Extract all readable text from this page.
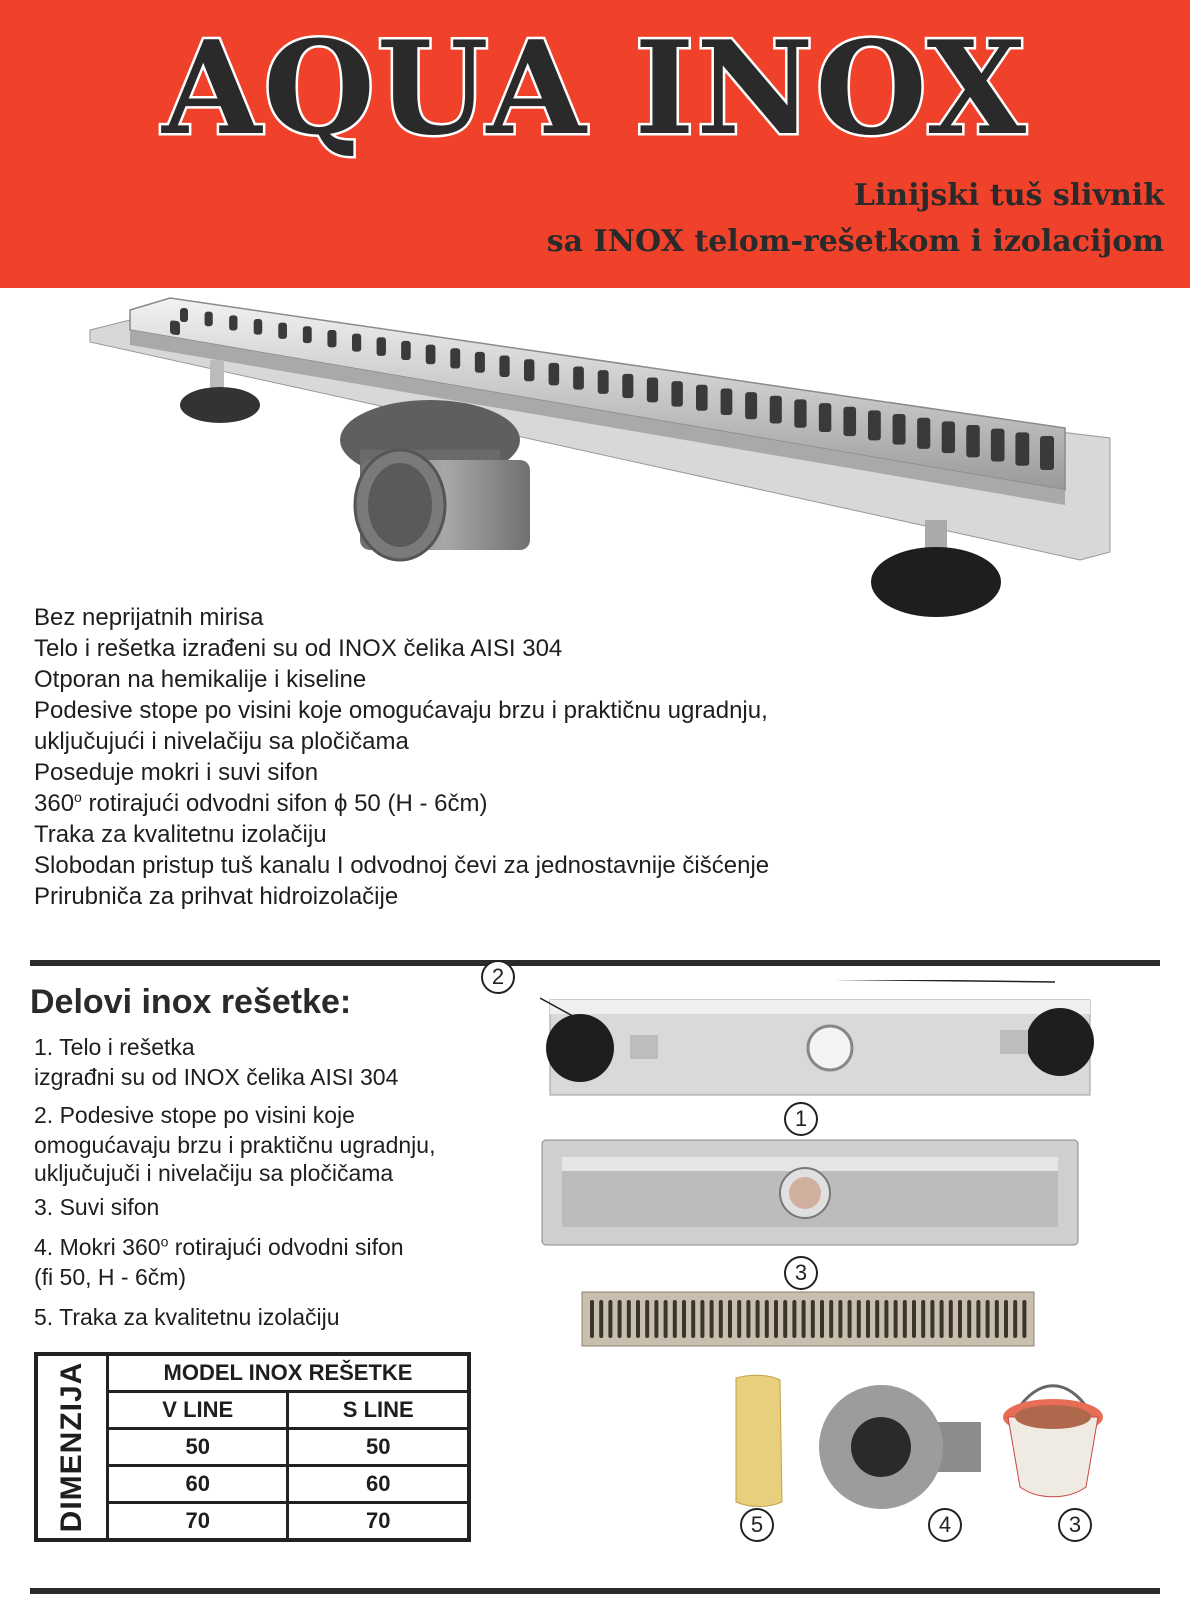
AQUA INOX
Linijski tuš slivnik
sa INOX telom-rešetkom i izolacijom
Bez neprijatnih mirisa
Telo i rešetka izrađeni su od INOX čelika AISI 304
Otporan na hemikalije i kiseline
Podesive stope po visini koje omogućavaju brzu i praktičnu ugradnju,
uključujući i nivelačiju sa pločičama
Poseduje mokri i suvi sifon
360$^o$ rotirajući odvodni sifon ϕ 50 (H - 6čm)
Traka za kvalitetnu izolačiju
Slobodan pristup tuš kanalu I odvodnoj čevi za jednostavnije čišćenje
Prirubniča za prihvat hidroizolačije
Delovi inox rešetke:
1. Telo i rešetka
izgrađni su od INOX čelika AISI 304
2. Podesive stope po visini koje
omogućavaju brzu i praktičnu ugradnju,
uključujuči i nivelačiju sa pločičama
3. Suvi sifon
4. Mokri 360$^o$ rotirajući odvodni sifon
(fi 50, H - 6čm)
5. Traka za kvalitetnu izolačiju
DIMENZIJA	MODEL INOX REŠETKE	
	V LINE	S LINE
	50	50
	60	60
	70	70
2
1
3
5	4	3
